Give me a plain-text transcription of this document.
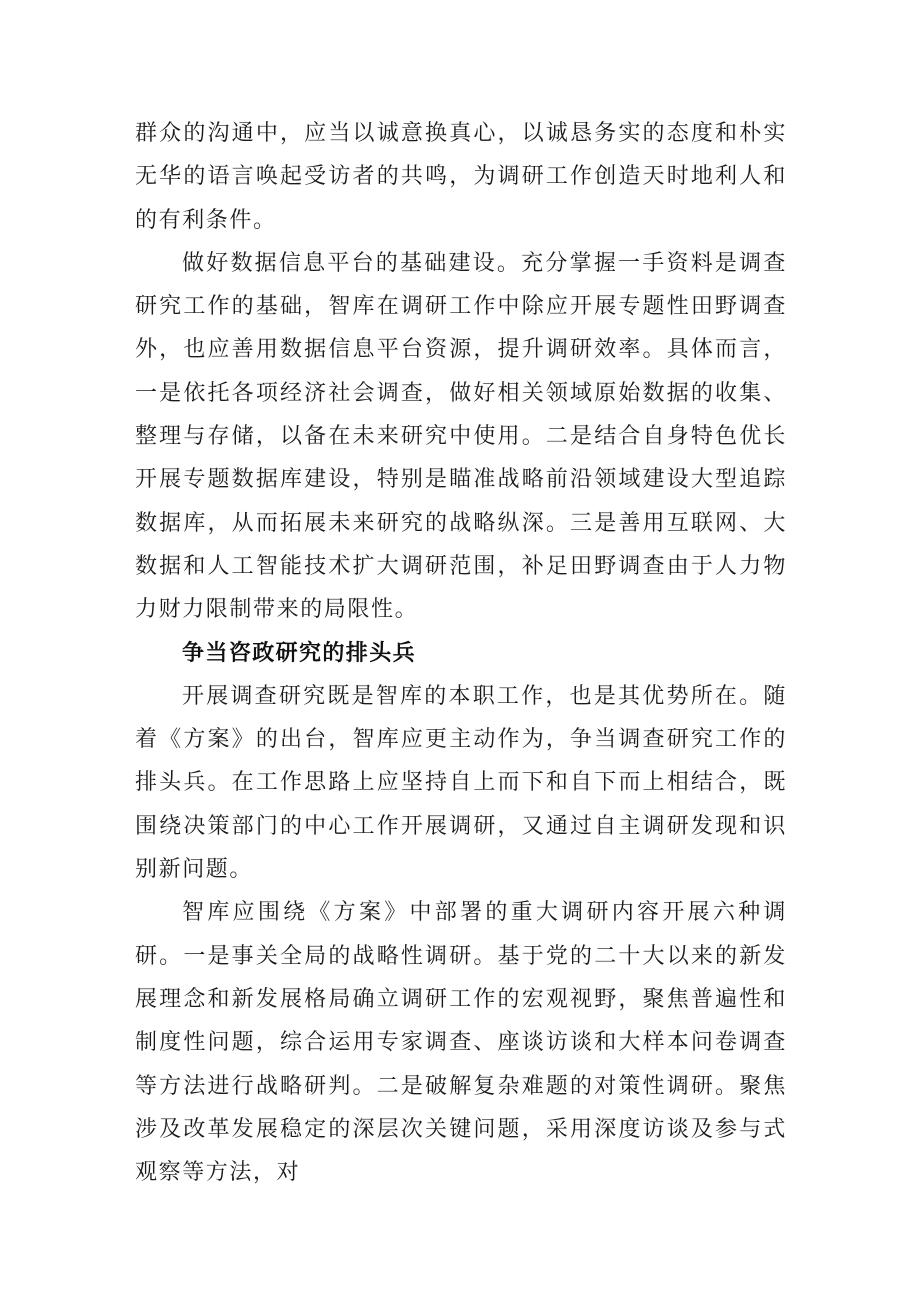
群众的沟通中，应当以诚意换真心，以诚恳务实的态度和朴实无华的语言唤起受访者的共鸣，为调研工作创造天时地利人和的有利条件。

做好数据信息平台的基础建设。充分掌握一手资料是调查研究工作的基础，智库在调研工作中除应开展专题性田野调查外，也应善用数据信息平台资源，提升调研效率。具体而言，一是依托各项经济社会调查，做好相关领域原始数据的收集、整理与存储，以备在未来研究中使用。二是结合自身特色优长开展专题数据库建设，特别是瞄准战略前沿领域建设大型追踪数据库，从而拓展未来研究的战略纵深。三是善用互联网、大数据和人工智能技术扩大调研范围，补足田野调查由于人力物力财力限制带来的局限性。

争当咨政研究的排头兵

开展调查研究既是智库的本职工作，也是其优势所在。随着《方案》的出台，智库应更主动作为，争当调查研究工作的排头兵。在工作思路上应坚持自上而下和自下而上相结合，既围绕决策部门的中心工作开展调研，又通过自主调研发现和识别新问题。

智库应围绕《方案》中部署的重大调研内容开展六种调研。一是事关全局的战略性调研。基于党的二十大以来的新发展理念和新发展格局确立调研工作的宏观视野，聚焦普遍性和制度性问题，综合运用专家调查、座谈访谈和大样本问卷调查等方法进行战略研判。二是破解复杂难题的对策性调研。聚焦涉及改革发展稳定的深层次关键问题，采用深度访谈及参与式观察等方法，对
